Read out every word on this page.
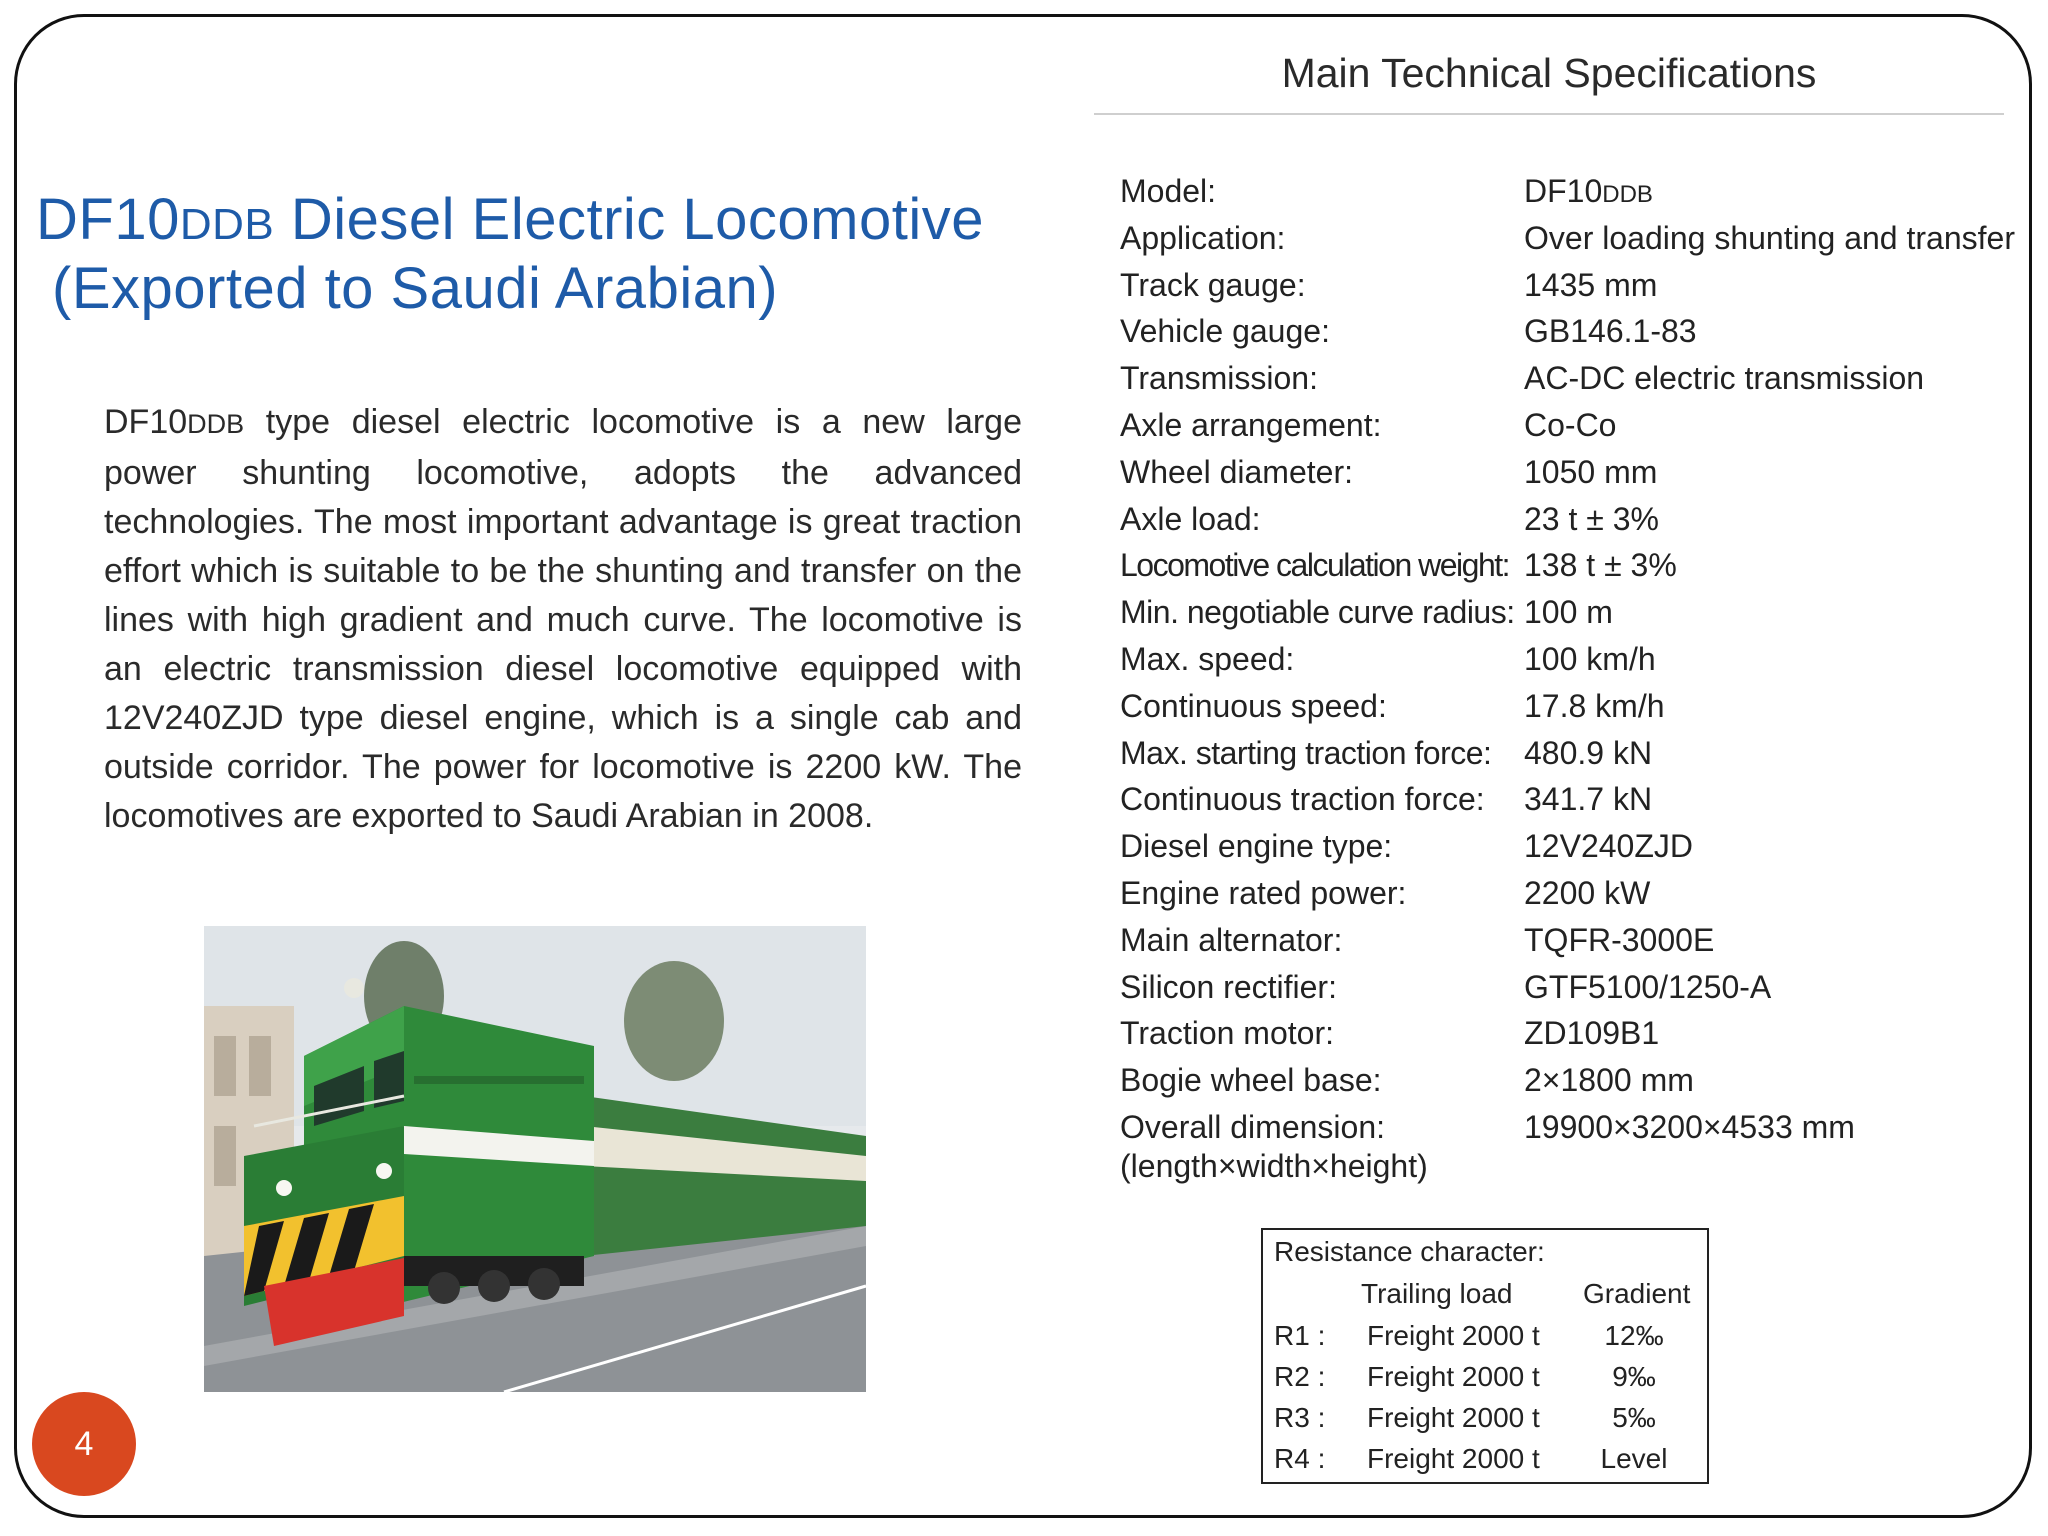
DF10DDB Diesel Electric Locomotive
(Exported to Saudi Arabian)
DF10DDB type diesel electric locomotive is a new large power shunting locomotive, adopts the advanced technologies. The most important advantage is great traction effort which is suitable to be the shunting and transfer on the lines with high gradient and much curve. The locomotive is an electric transmission diesel locomotive equipped with 12V240ZJD type diesel engine, which is a single cab and outside corridor. The power for locomotive is 2200 kW. The locomotives are exported to Saudi Arabian in 2008.
Main Technical Specifications
Model:	DF10DDB
Application:	Over loading shunting and transfer
Track gauge:	1435 mm
Vehicle gauge:	GB146.1-83
Transmission:	AC-DC electric transmission
Axle arrangement:	Co-Co
Wheel diameter:	1050 mm
Axle load:	23 t ± 3%
Locomotive calculation weight: 138 t ± 3%
Min. negotiable curve radius: 100 m
Max. speed:	100 km/h
Continuous speed:	17.8 km/h
Max. starting traction force: 480.9 kN
Continuous traction force: 341.7 kN
Diesel engine type:	12V240ZJD
Engine rated power:	2200 kW
Main alternator:	TQFR-3000E
Silicon rectifier:	GTF5100/1250-A
Traction motor:	ZD109B1
Bogie wheel base:	2×1800 mm
Overall dimension:	19900×3200×4533 mm
(length×width×height)
Resistance character:
Trailing load	Gradient
R1 : Freight 2000 t	12‰
R2 : Freight 2000 t	9‰
R3 : Freight 2000 t	5‰
R4 : Freight 2000 t Level
4
